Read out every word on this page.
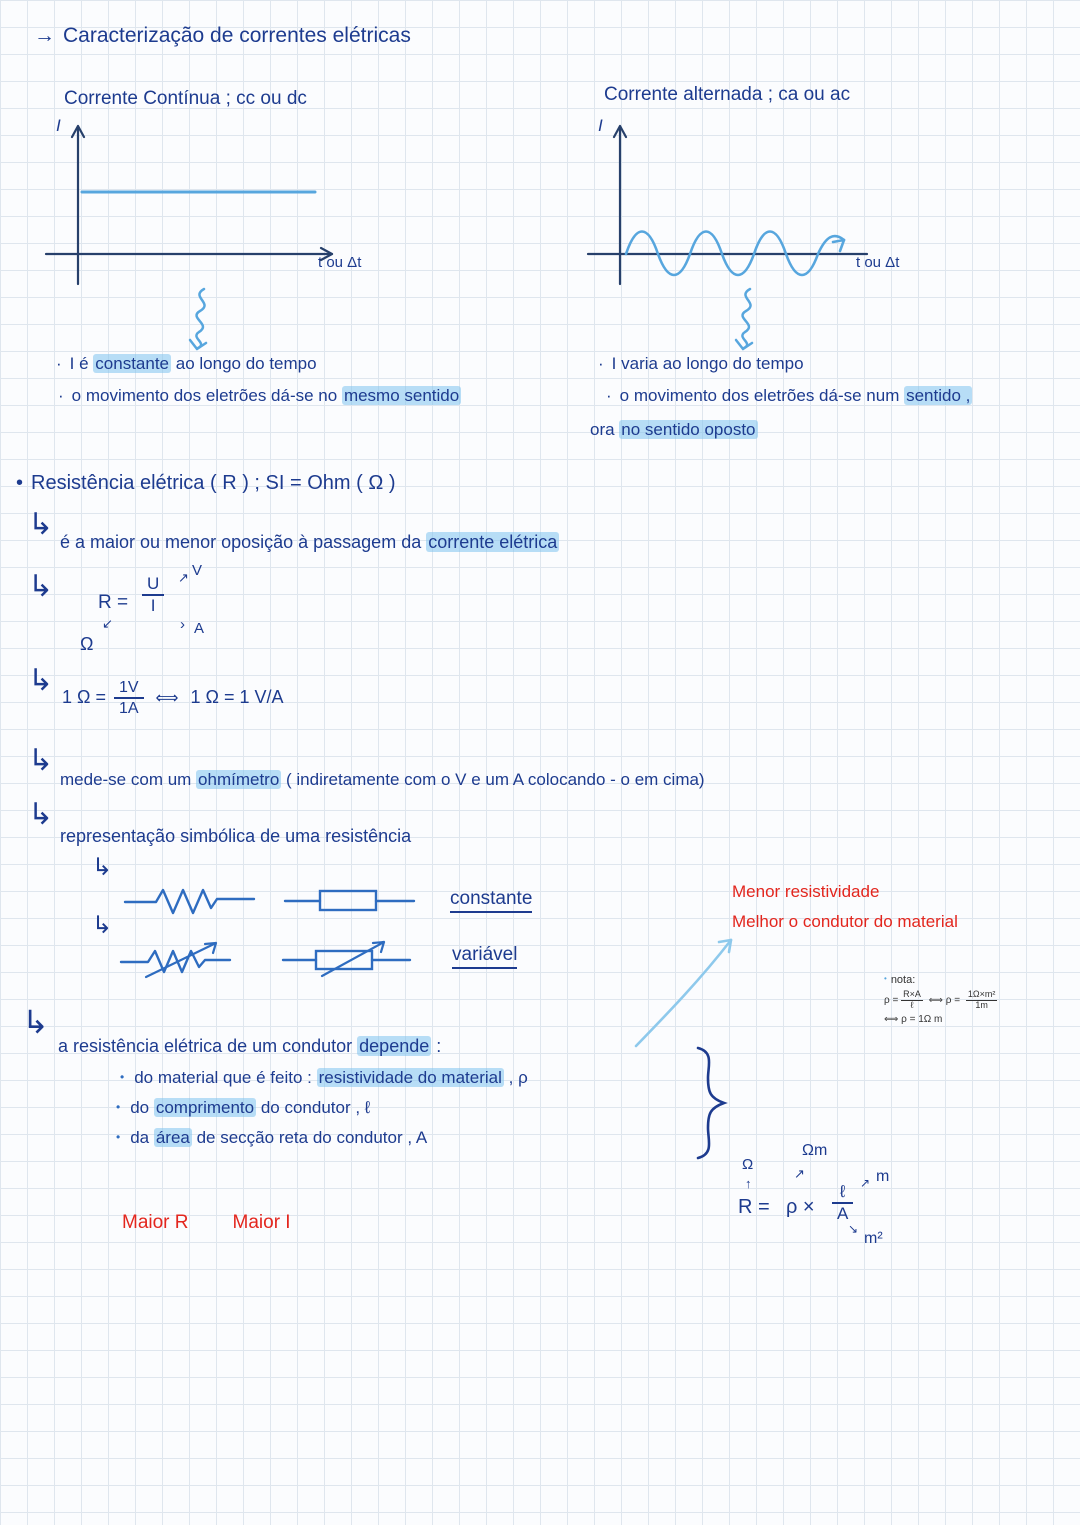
→ Caracterização de correntes elétricas
Corrente Contínua ; cc ou dc	Corrente alternada ; ca ou ac
I
t ou Δt
I
t ou Δt
· I é constante ao longo do tempo
· o movimento dos eletrões dá-se no mesmo sentido
· I varia ao longo do tempo
· o movimento dos eletrões dá-se num sentido ,
ora no sentido oposto
• Resistência elétrica ( R ) ; SI = Ohm ( Ω )
↳
é a maior ou menor oposição à passagem da corrente elétrica
↳ $R = \frac{U}{I}$ ↗ V
› A
↙
Ω
↳ 1 $\Omega = \frac{1V}{1A}$ ⟺ 1 Ω = 1 V/A
↳
mede-se com um ohmímetro ( indiretamente com o V e um A colocando - o em cima)
↳
representação simbólica de uma resistência
↳
constante
↳
variável
Menor resistividade
Melhor o condutor do material
• nota:
$\rho = \frac{R\times A}{\text{ℓ}}$ ⟺ $\rho = \frac{\text{1Ω×m²}}{1m}$
⟺ ρ = 1Ω m
↳
a resistência elétrica de um condutor depende :
• do material que é feito : resistividade do material , ρ
• do comprimento do condutor , ℓ
• da área de secção reta do condutor , A
Ωm
↗
Ω
↑
R = ρ ×
ℓ
A
↗ m
↘
m²
Maior R Maior I
